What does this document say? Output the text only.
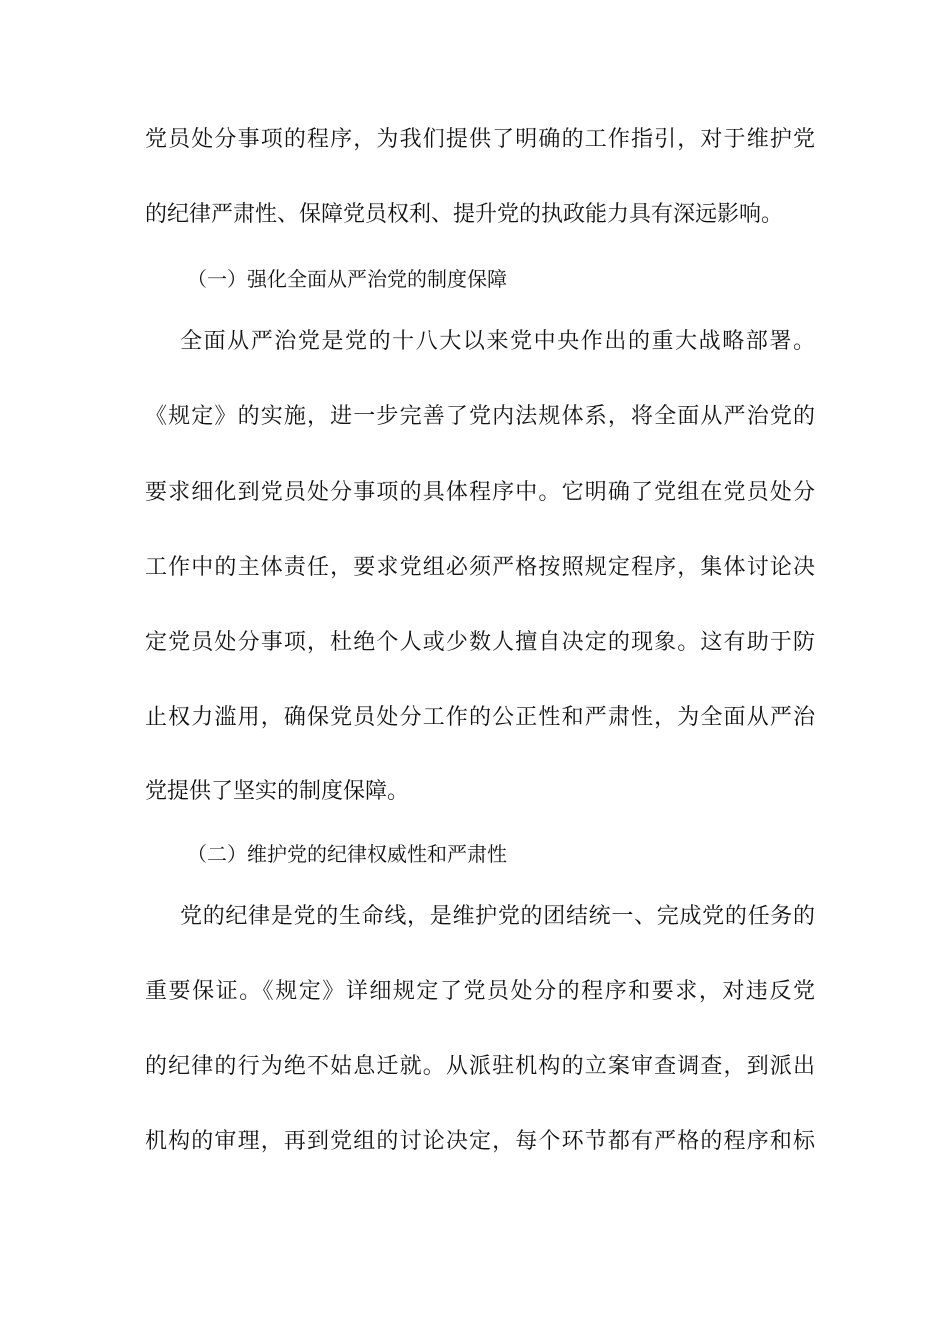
党员处分事项的程序，为我们提供了明确的工作指引，对于维护党
的纪律严肃性、保障党员权利、提升党的执政能力具有深远影响。
（一）强化全面从严治党的制度保障
全面从严治党是党的十八大以来党中央作出的重大战略部署。
《规定》的实施，进一步完善了党内法规体系，将全面从严治党的
要求细化到党员处分事项的具体程序中。它明确了党组在党员处分
工作中的主体责任，要求党组必须严格按照规定程序，集体讨论决
定党员处分事项，杜绝个人或少数人擅自决定的现象。这有助于防
止权力滥用，确保党员处分工作的公正性和严肃性，为全面从严治
党提供了坚实的制度保障。
（二）维护党的纪律权威性和严肃性
党的纪律是党的生命线，是维护党的团结统一、完成党的任务的
重要保证。《规定》详细规定了党员处分的程序和要求，对违反党
的纪律的行为绝不姑息迁就。从派驻机构的立案审查调查，到派出
机构的审理，再到党组的讨论决定，每个环节都有严格的程序和标
